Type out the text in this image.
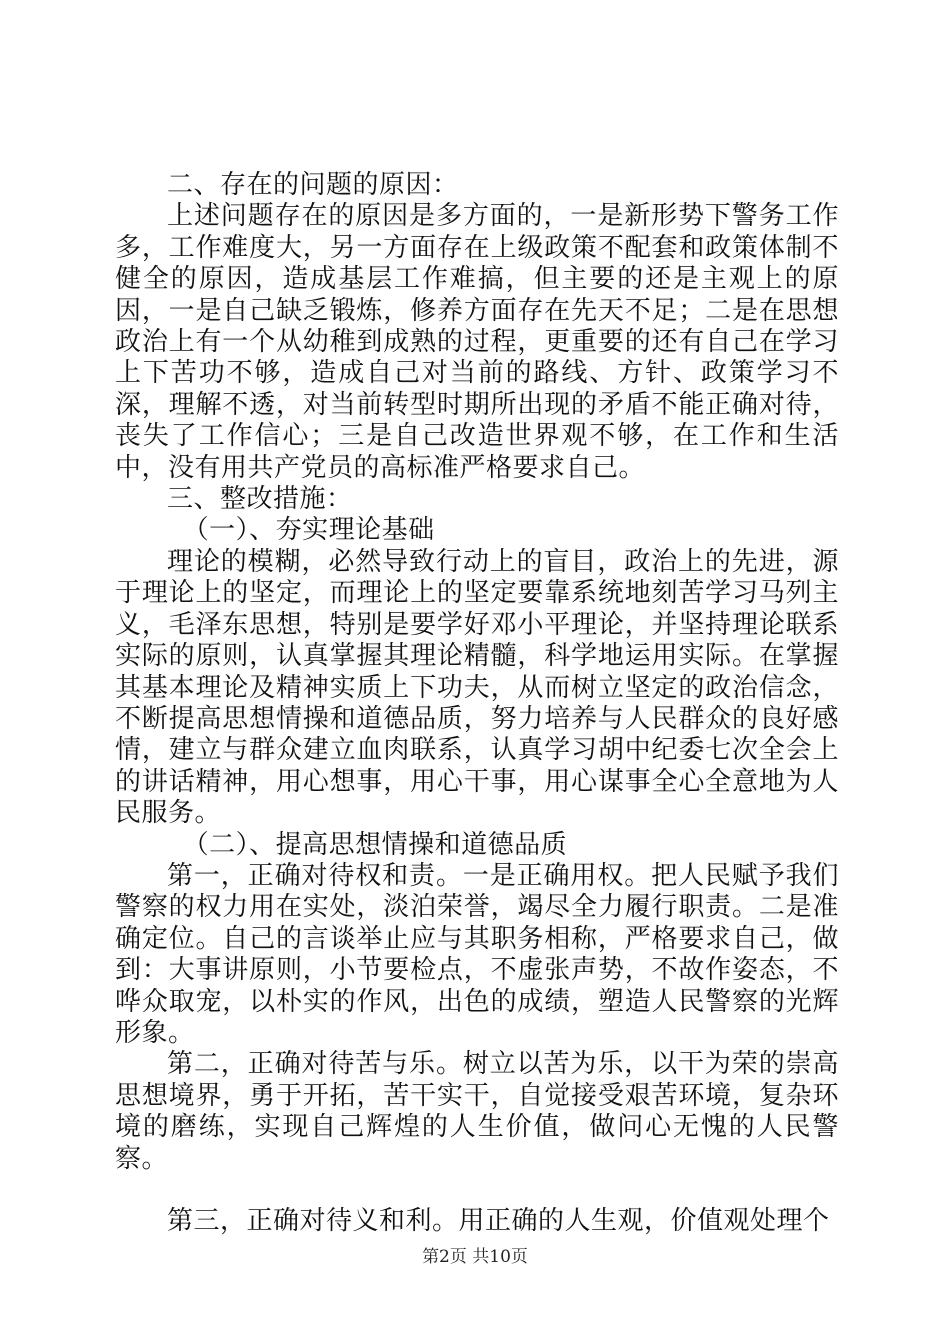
二、存在的问题的原因：

上述问题存在的原因是多方面的，一是新形势下警务工作多，工作难度大，另一方面存在上级政策不配套和政策体制不健全的原因，造成基层工作难搞，但主要的还是主观上的原因，一是自己缺乏锻炼，修养方面存在先天不足；二是在思想政治上有一个从幼稚到成熟的过程，更重要的还有自己在学习上下苦功不够，造成自己对当前的路线、方针、政策学习不深，理解不透，对当前转型时期所出现的矛盾不能正确对待，丧失了工作信心；三是自己改造世界观不够，在工作和生活中，没有用共产党员的高标准严格要求自己。

三、整改措施：

（一）、夯实理论基础

理论的模糊，必然导致行动上的盲目，政治上的先进，源于理论上的坚定，而理论上的坚定要靠系统地刻苦学习马列主义，毛泽东思想，特别是要学好邓小平理论，并坚持理论联系实际的原则，认真掌握其理论精髓，科学地运用实际。在掌握其基本理论及精神实质上下功夫，从而树立坚定的政治信念，不断提高思想情操和道德品质，努力培养与人民群众的良好感情，建立与群众建立血肉联系，认真学习胡中纪委七次全会上的讲话精神，用心想事，用心干事，用心谋事全心全意地为人民服务。

（二）、提高思想情操和道德品质

第一，正确对待权和责。一是正确用权。把人民赋予我们警察的权力用在实处，淡泊荣誉，竭尽全力履行职责。二是准确定位。自己的言谈举止应与其职务相称，严格要求自己，做到：大事讲原则，小节要检点，不虚张声势，不故作姿态，不哗众取宠，以朴实的作风，出色的成绩，塑造人民警察的光辉形象。

第二，正确对待苦与乐。树立以苦为乐，以干为荣的崇高思想境界，勇于开拓，苦干实干，自觉接受艰苦环境，复杂环境的磨练，实现自己辉煌的人生价值，做问心无愧的人民警察。

第三，正确对待义和利。用正确的人生观，价值观处理个

第2页 共10页
